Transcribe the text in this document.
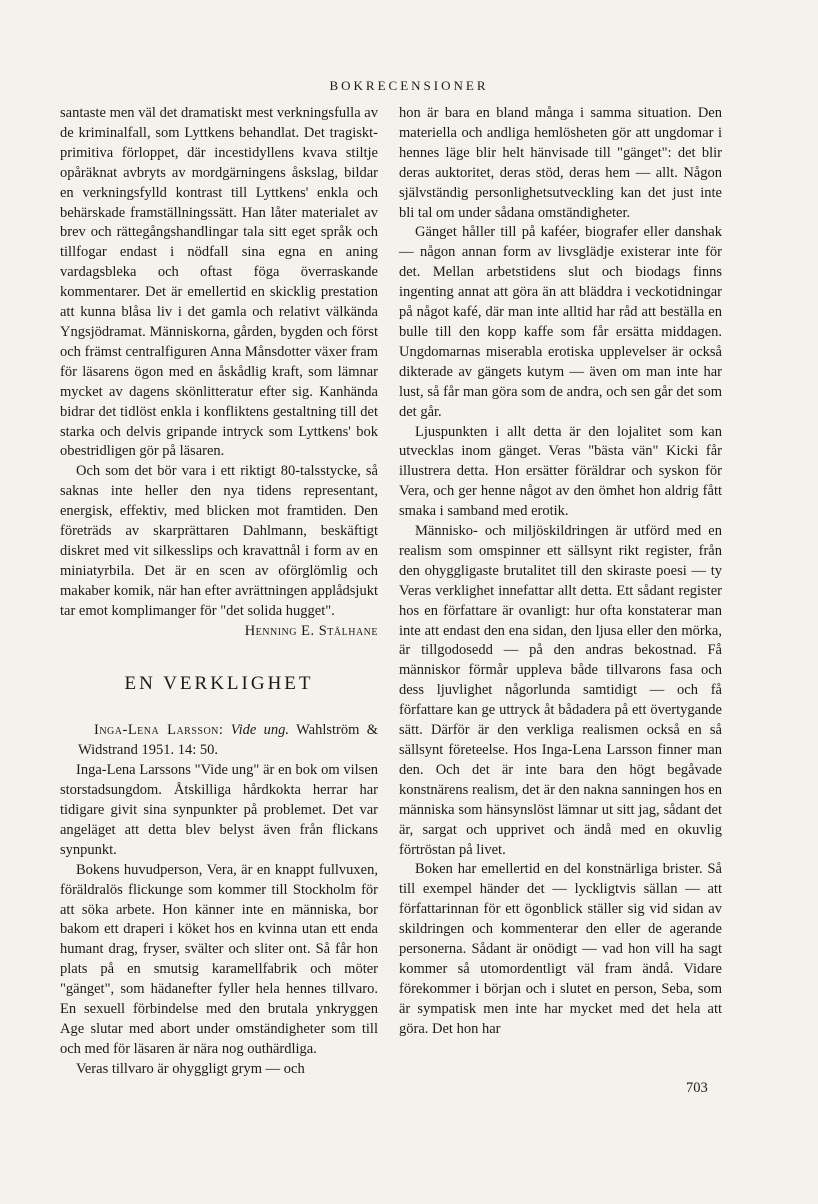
BOKRECENSIONER

santaste men väl det dramatiskt mest verkningsfulla av de kriminalfall, som Lyttkens behandlat. Det tragiskt-primitiva förloppet, där incestidyllens kvava stiltje opåräknat avbryts av mordgärningens åskslag, bildar en verkningsfylld kontrast till Lyttkens' enkla och behärskade framställningssätt. Han låter materialet av brev och rättegångshandlingar tala sitt eget språk och tillfogar endast i nödfall sina egna en aning vardagsbleka och oftast föga överraskande kommentarer. Det är emellertid en skicklig prestation att kunna blåsa liv i det gamla och relativt välkända Yngsjödramat. Människorna, gården, bygden och först och främst centralfiguren Anna Månsdotter växer fram för läsarens ögon med en åskådlig kraft, som lämnar mycket av dagens skönlitteratur efter sig. Kanhända bidrar det tidlöst enkla i konfliktens gestaltning till det starka och delvis gripande intryck som Lyttkens' bok obestridligen gör på läsaren.

Och som det bör vara i ett riktigt 80-talsstycke, så saknas inte heller den nya tidens representant, energisk, effektiv, med blicken mot framtiden. Den företräds av skarprättaren Dahlmann, beskäftigt diskret med vit silkesslips och kravattnål i form av en miniatyrbila. Det är en scen av oförglömlig och makaber komik, när han efter avrättningen applådsjukt tar emot komplimanger för "det solida hugget".

Henning E. Stålhane

EN VERKLIGHET

Inga-Lena Larsson: Vide ung. Wahlström & Widstrand 1951. 14: 50.

Inga-Lena Larssons "Vide ung" är en bok om vilsen storstadsungdom. Åtskilliga hårdkokta herrar har tidigare givit sina synpunkter på problemet. Det var angeläget att detta blev belyst även från flickans synpunkt.

Bokens huvudperson, Vera, är en knappt fullvuxen, föräldralös flickunge som kommer till Stockholm för att söka arbete. Hon känner inte en människa, bor bakom ett draperi i köket hos en kvinna utan ett enda humant drag, fryser, svälter och sliter ont. Så får hon plats på en smutsig karamellfabrik och möter "gänget", som hädanefter fyller hela hennes tillvaro. En sexuell förbindelse med den brutala ynkryggen Age slutar med abort under omständigheter som till och med för läsaren är nära nog outhärdliga.

Veras tillvaro är ohyggligt grym — och

hon är bara en bland många i samma situation. Den materiella och andliga hemlösheten gör att ungdomar i hennes läge blir helt hänvisade till "gänget": det blir deras auktoritet, deras stöd, deras hem — allt. Någon självständig personlighetsutveckling kan det just inte bli tal om under sådana omständigheter.

Gänget håller till på kaféer, biografer eller danshak — någon annan form av livsglädje existerar inte för det. Mellan arbetstidens slut och biodags finns ingenting annat att göra än att bläddra i veckotidningar på något kafé, där man inte alltid har råd att beställa en bulle till den kopp kaffe som får ersätta middagen. Ungdomarnas miserabla erotiska upplevelser är också dikterade av gängets kutym — även om man inte har lust, så får man göra som de andra, och sen går det som det går.

Ljuspunkten i allt detta är den lojalitet som kan utvecklas inom gänget. Veras "bästa vän" Kicki får illustrera detta. Hon ersätter föräldrar och syskon för Vera, och ger henne något av den ömhet hon aldrig fått smaka i samband med erotik.

Människo- och miljöskildringen är utförd med en realism som omspinner ett sällsynt rikt register, från den ohyggligaste brutalitet till den skiraste poesi — ty Veras verklighet innefattar allt detta. Ett sådant register hos en författare är ovanligt: hur ofta konstaterar man inte att endast den ena sidan, den ljusa eller den mörka, är tillgodosedd — på den andras bekostnad. Få människor förmår uppleva både tillvarons fasa och dess ljuvlighet någorlunda samtidigt — och få författare kan ge uttryck åt bådadera på ett övertygande sätt. Därför är den verkliga realismen också en så sällsynt företeelse. Hos Inga-Lena Larsson finner man den. Och det är inte bara den högt begåvade konstnärens realism, det är den nakna sanningen hos en människa som hänsynslöst lämnar ut sitt jag, sådant det är, sargat och upprivet och ändå med en okuvlig förtröstan på livet.

Boken har emellertid en del konstnärliga brister. Så till exempel händer det — lyckligtvis sällan — att författarinnan för ett ögonblick ställer sig vid sidan av skildringen och kommenterar den eller de agerande personerna. Sådant är onödigt — vad hon vill ha sagt kommer så utomordentligt väl fram ändå. Vidare förekommer i början och i slutet en person, Seba, som är sympatisk men inte har mycket med det hela att göra. Det hon har

703
